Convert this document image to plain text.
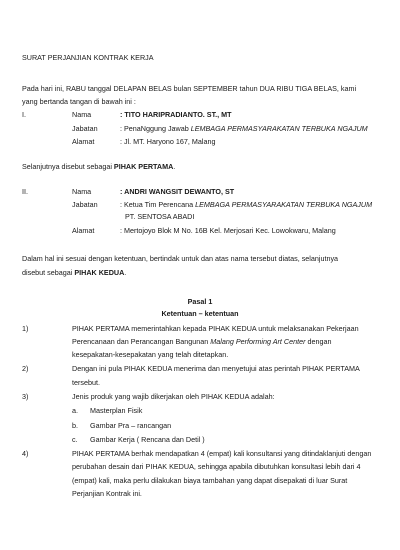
SURAT PERJANJIAN KONTRAK KERJA
Pada hari ini, RABU tanggal DELAPAN BELAS bulan SEPTEMBER tahun DUA RIBU TIGA BELAS, kami
yang bertanda tangan di bawah ini :
I.	Nama	: TITO HARIPRADIANTO. ST., MT
Jabatan	: PenaNggung Jawab LEMBAGA PERMASYARAKATAN TERBUKA NGAJUM
Alamat	: Jl. MT. Haryono 167, Malang
Selanjutnya disebut sebagai PIHAK PERTAMA.
II.	Nama	: ANDRI WANGSIT DEWANTO, ST
Jabatan	: Ketua Tim Perencana LEMBAGA PERMASYARAKATAN TERBUKA NGAJUM
PT. SENTOSA ABADI
Alamat	: Mertojoyo Blok M No. 16B Kel. Merjosari Kec. Lowokwaru, Malang
Dalam hal ini sesuai dengan ketentuan, bertindak untuk dan atas nama tersebut diatas, selanjutnya
disebut sebagai PIHAK KEDUA.
Pasal 1
Ketentuan – ketentuan
1)	PIHAK PERTAMA memerintahkan kepada PIHAK KEDUA untuk melaksanakan Pekerjaan
Perencanaan dan Perancangan Bangunan Malang Performing Art Center dengan
kesepakatan-kesepakatan yang telah ditetapkan.
2)	Dengan ini pula PIHAK KEDUA menerima dan menyetujui atas perintah PIHAK PERTAMA
tersebut.
3)	Jenis produk yang wajib dikerjakan oleh PIHAK KEDUA adalah:
a. Masterplan Fisik
b. Gambar Pra – rancangan
c. Gambar Kerja ( Rencana dan Detil )
4)	PIHAK PERTAMA berhak mendapatkan 4 (empat) kali konsultansi yang ditindaklanjuti dengan
perubahan desain dari PIHAK KEDUA, sehingga apabila dibutuhkan konsultasi lebih dari 4
(empat) kali, maka perlu dilakukan biaya tambahan yang dapat disepakati di luar Surat
Perjanjian Kontrak ini.
